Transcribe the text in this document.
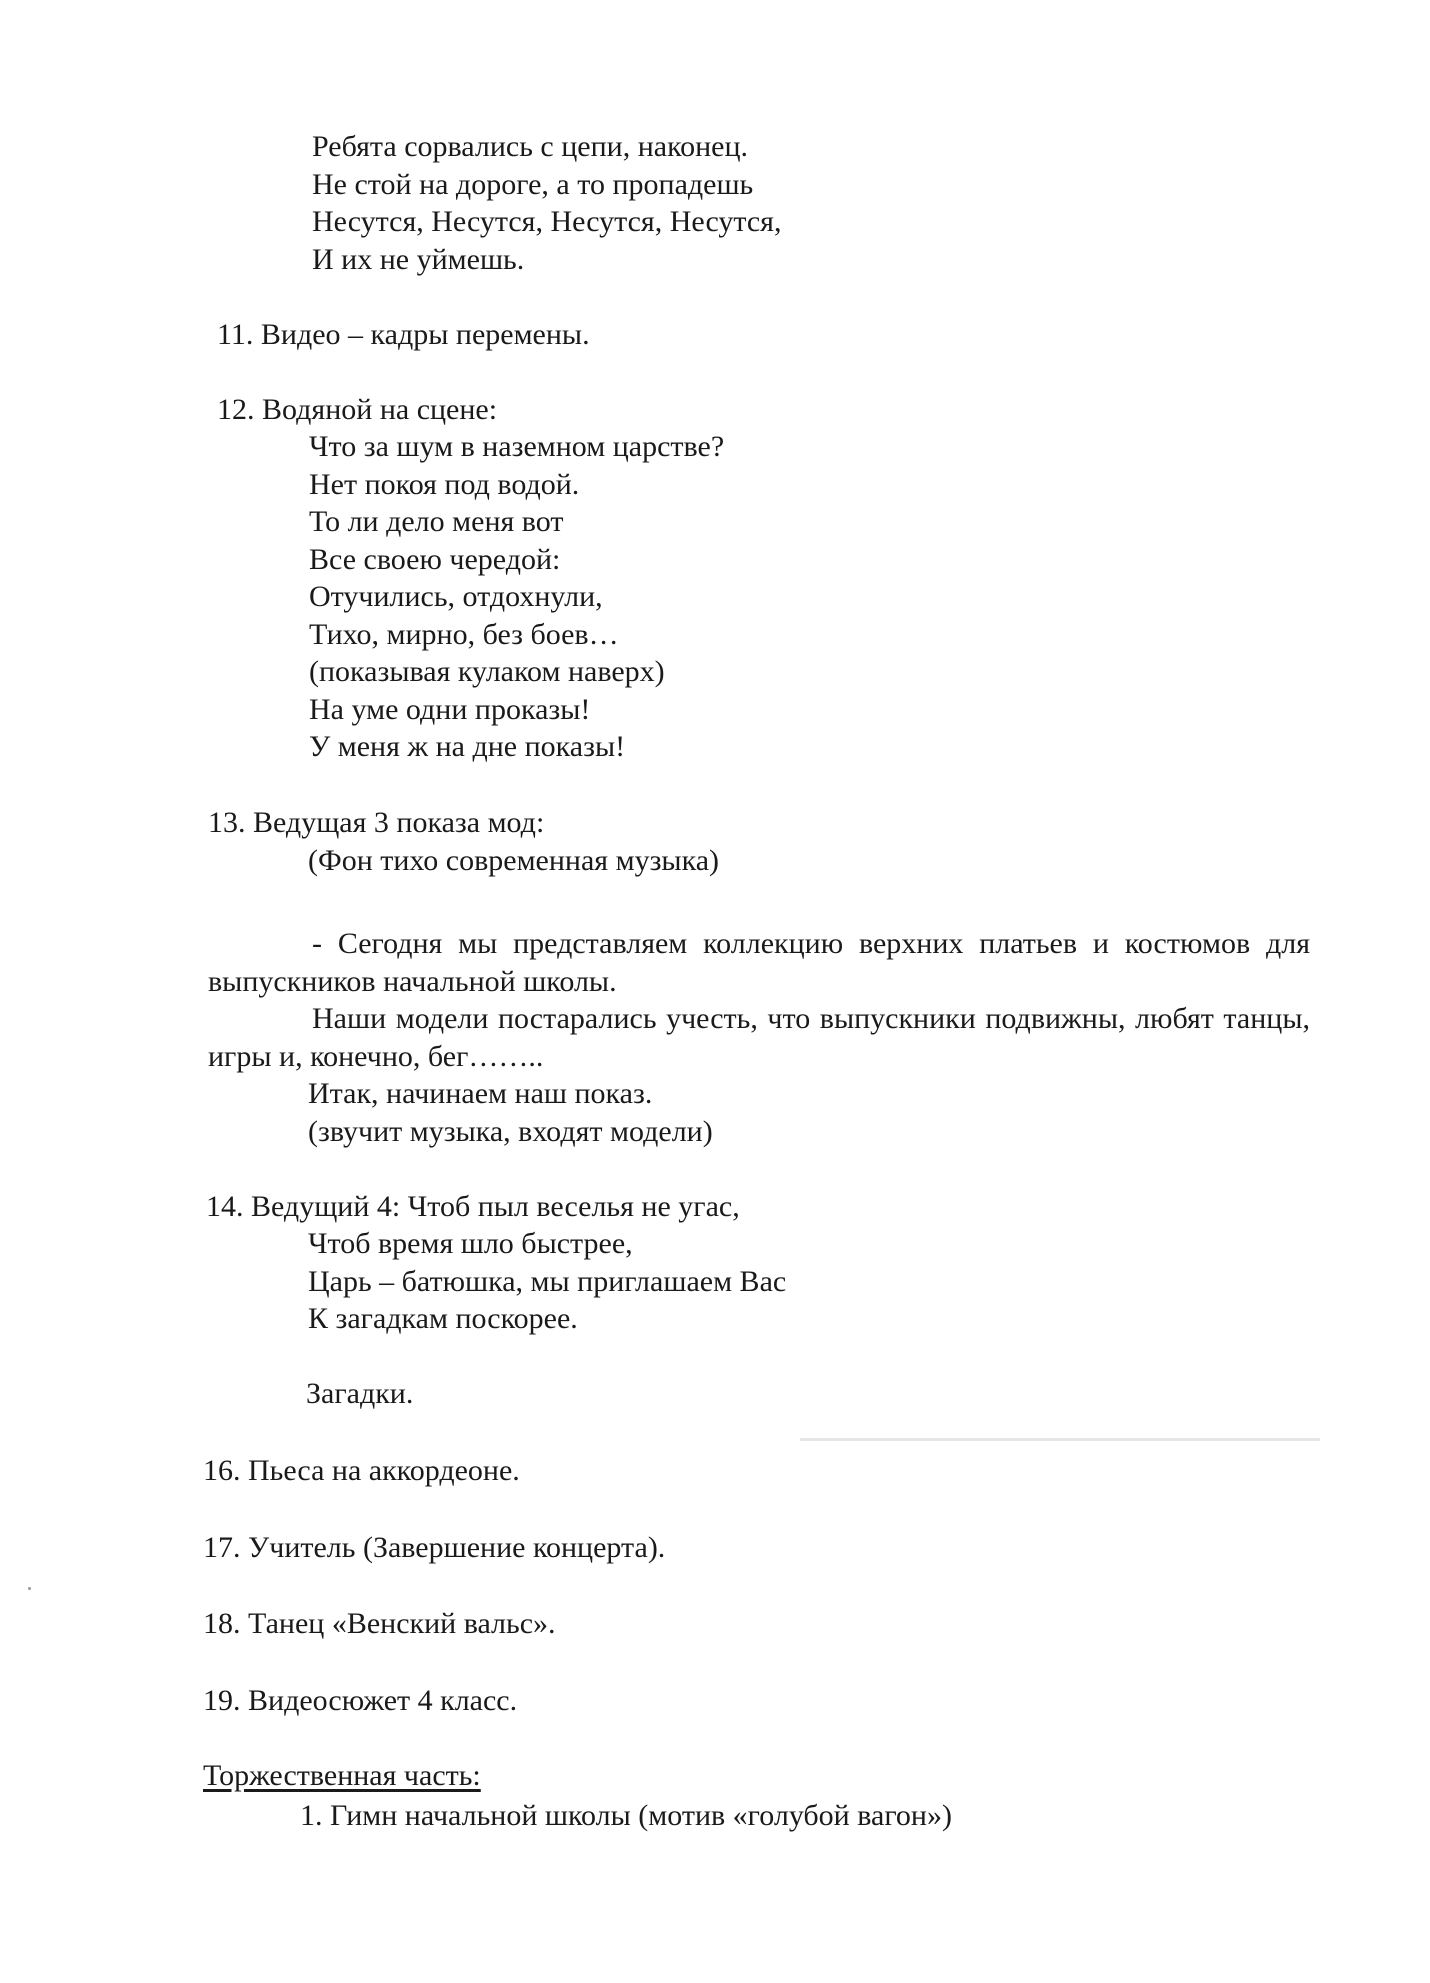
Ребята сорвались с цепи, наконец.
Не стой на дороге, а то пропадешь
Несутся, Несутся, Несутся, Несутся,
И их не уймешь.
11. Видео – кадры перемены.
12. Водяной на сцене:
Что за шум в наземном царстве?
Нет покоя под водой.
То ли дело меня вот
Все своею чередой:
Отучились, отдохнули,
Тихо, мирно, без боев…
(показывая кулаком наверх)
На уме одни проказы!
У меня ж на дне показы!
13. Ведущая 3 показа мод:
(Фон тихо современная музыка)

- Сегодня мы представляем коллекцию верхних платьев и костюмов для выпускников начальной школы.

Наши модели постарались учесть, что выпускники подвижны, любят танцы, игры и, конечно, бег……..

Итак, начинаем наш показ.
(звучит музыка, входят модели)
14. Ведущий 4: Чтоб пыл веселья не угас,
Чтоб время шло быстрее,
Царь – батюшка, мы приглашаем Вас
К загадкам поскорее.
Загадки.
16. Пьеса на аккордеоне.
17. Учитель (Завершение концерта).
18. Танец «Венский вальс».
19. Видеосюжет 4 класс.
Торжественная часть:
1. Гимн начальной школы (мотив «голубой вагон»)
